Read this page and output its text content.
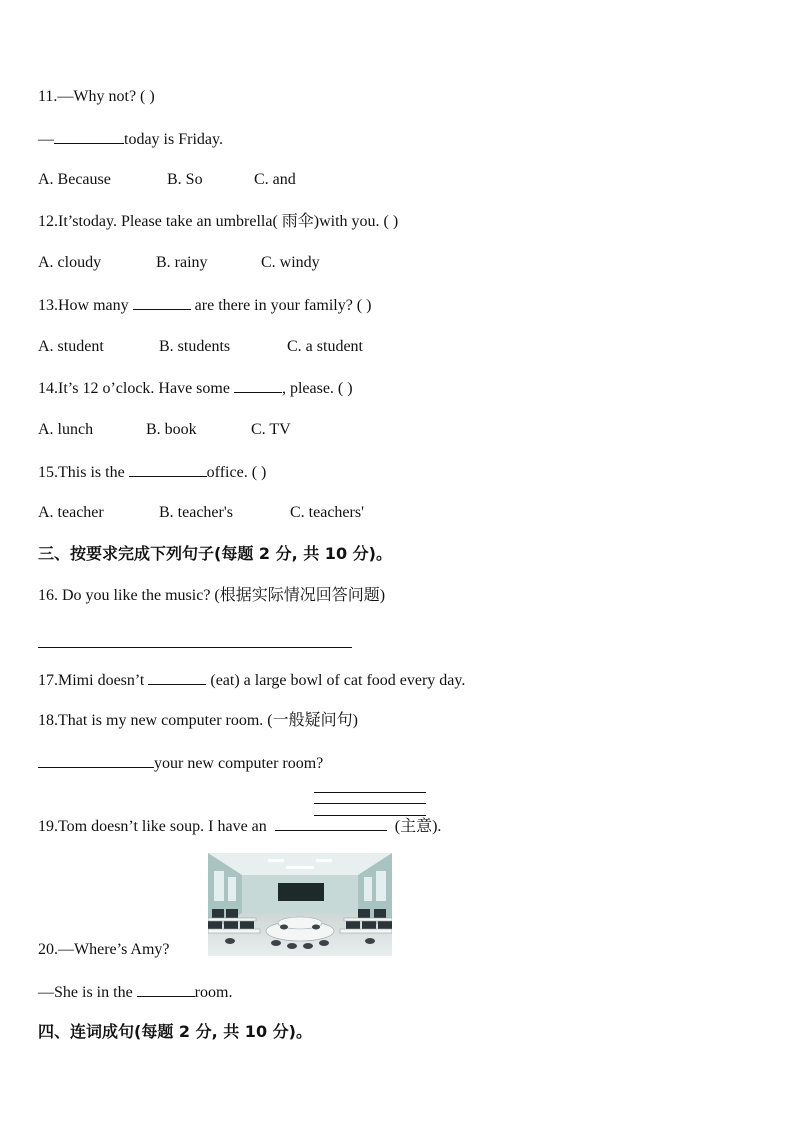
11.—Why not? ( )
—	today is Friday.
A. Because	B. So	C. and
12.It’stoday. Please take an umbrella( 雨伞)with you. ( )
A. cloudy	B. rainy	C. windy
13.How many	are there in your family? ( )
A. student	B. students	C. a student
14.It’s 12 o’clock. Have some	, please. ( )
A. lunch	B. book	C. TV
15.This is the	office. ( )
A. teacher	B. teacher's	C. teachers'
三、按要求完成下列句子(每题 2 分, 共 10 分)。
16. Do you like the music? (根据实际情况回答问题)
17.Mimi doesn’t	(eat) a large bowl of cat food every day.
18.That is my new computer room. (一般疑问句)
your new computer room?
19.Tom doesn’t like soup. I have an	(主意).
20.—Where’s Amy?
—She is in the	room.
四、连词成句(每题 2 分, 共 10 分)。
